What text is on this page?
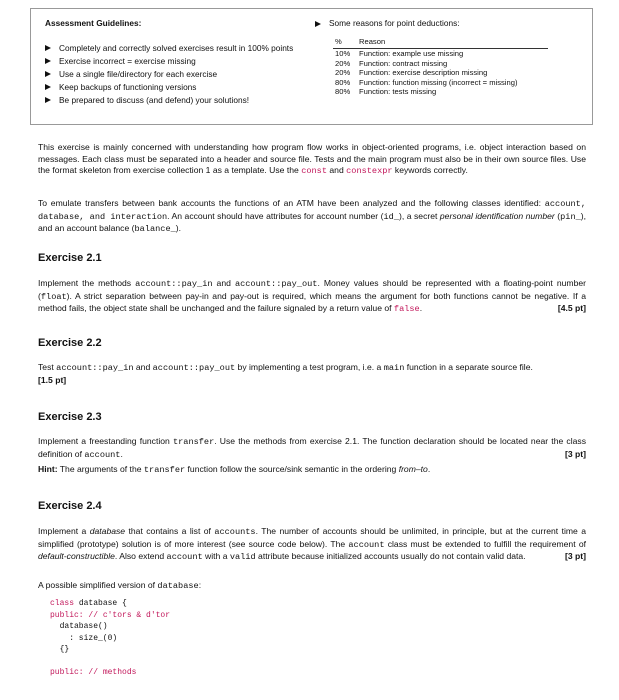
Assessment Guidelines:
Completely and correctly solved exercises result in 100% points
Exercise incorrect = exercise missing
Use a single file/directory for each exercise
Keep backups of functioning versions
Be prepared to discuss (and defend) your solutions!
Some reasons for point deductions:
%	Reason
10%	Function: example use missing
20%	Function: contract missing
20%	Function: exercise description missing
80%	Function: function missing (incorrect = missing)
80%	Function: tests missing
This exercise is mainly concerned with understanding how program flow works in object-oriented programs, i.e. object interaction based on messages. Each class must be separated into a header and source file. Tests and the main program must also be in their own source files. Use the format skeleton from exercise collection 1 as a template. Use the const and constexpr keywords correctly.
To emulate transfers between bank accounts the functions of an ATM have been analyzed and the following classes identified: account, database, and interaction. An account should have attributes for account number (id_), a secret personal identification number (pin_), and an account balance (balance_).
Exercise 2.1
Implement the methods account::pay_in and account::pay_out. Money values should be represented with a floating-point number (float). A strict separation between pay-in and pay-out is required, which means the argument for both functions cannot be negative. If a method fails, the object state shall be unchanged and the failure signaled by a return value of false.	[4.5 pt]
Exercise 2.2
Test account::pay_in and account::pay_out by implementing a test program, i.e. a main function in a separate source file.
[1.5 pt]
Exercise 2.3
Implement a freestanding function transfer. Use the methods from exercise 2.1. The function declaration should be located near the class definition of account.	[3 pt]
Hint: The arguments of the transfer function follow the source/sink semantic in the ordering from–to.
Exercise 2.4
Implement a database that contains a list of accounts. The number of accounts should be unlimited, in principle, but at the current time a simplified (prototype) solution is of more interest (see source code below). The account class must be extended to fulfill the requirement of default-constructible. Also extend account with a valid attribute because initialized accounts usually do not contain valid data.	[3 pt]
A possible simplified version of database:
class database {
public: // c'tors & d'tor
database()
: size_(0)
{}

public: // methods
